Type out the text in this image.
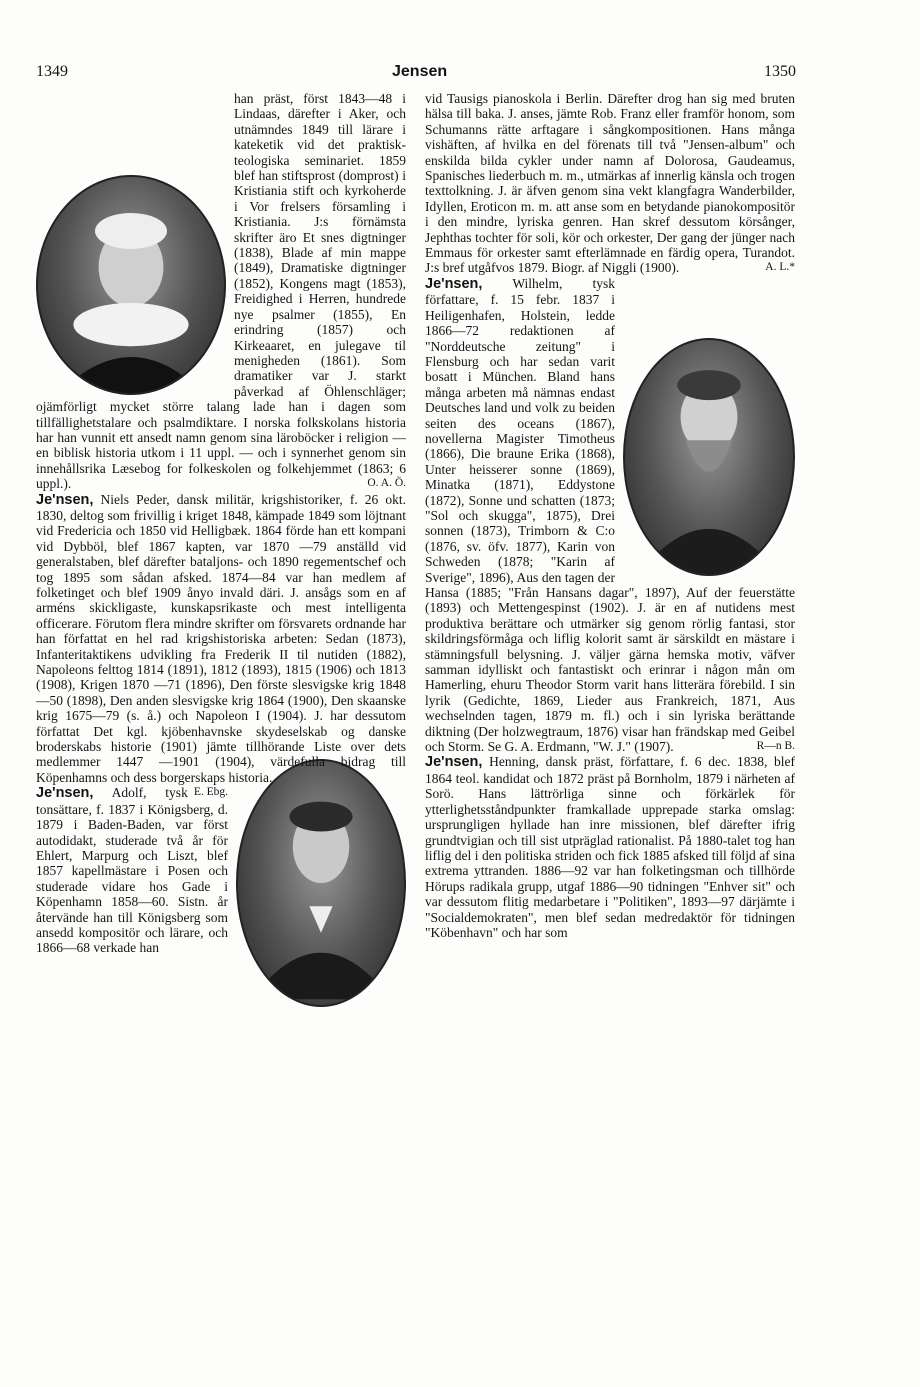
1349	Jensen	1350

han präst, först 1843—48 i Lindaas, därefter i Aker, och utnämndes 1849 till lärare i kateketik vid det praktisk-teologiska seminariet. 1859 blef han stiftsprost (domprost) i Kristiania stift och kyrkoherde i Vor frelsers församling i Kristiania. J:s förnämsta skrifter äro Et snes digtninger (1838), Blade af min mappe (1849), Dramatiske digtninger (1852), Kongens magt (1853), Freidighed i Herren, hundrede nye psalmer (1855), En erindring (1857) och Kirkeaaret, en julegave til menigheden (1861). Som dramatiker var J. starkt påverkad af Öhlenschläger; ojämförligt mycket större talang lade han i dagen som tillfällighetstalare och psalmdiktare. I norska folkskolans historia har han vunnit ett ansedt namn genom sina läroböcker i religion — en biblisk historia utkom i 11 uppl. — och i synnerhet genom sin innehållsrika Læsebog for folkeskolen og folkehjemmet (1863; 6 uppl.).	O. A. Ö.

Je'nsen, Niels Peder, dansk militär, krigshistoriker, f. 26 okt. 1830, deltog som frivillig i kriget 1848, kämpade 1849 som löjtnant vid Fredericia och 1850 vid Helligbæk. 1864 förde han ett kompani vid Dybböl, blef 1867 kapten, var 1870 —79 anställd vid generalstaben, blef därefter bataljons- och 1890 regementschef och tog 1895 som sådan afsked. 1874—84 var han medlem af folketinget och blef 1909 ånyo invald däri. J. ansågs som en af arméns skickligaste, kunskapsrikaste och mest intelligenta officerare. Förutom flera mindre skrifter om försvarets ordnande har han författat en hel rad krigshistoriska arbeten: Sedan (1873), Infanteritaktikens udvikling fra Frederik II til nutiden (1882), Napoleons felttog 1814 (1891), 1812 (1893), 1815 (1906) och 1813 (1908), Krigen 1870 —71 (1896), Den förste slesvigske krig 1848—50 (1898), Den anden slesvigske krig 1864 (1900), Den skaanske krig 1675—79 (s. å.) och Napoleon I (1904). J. har dessutom författat Det kgl. kjöbenhavnske skydeselskab og danske broderskabs historie (1901) jämte tillhörande Liste over dets medlemmer 1447 —1901 (1904), värdefulla bidrag till Köpenhamns och dess borgerskaps historia.

E. Ebg.

Je'nsen, Adolf, tysk tonsättare, f. 1837 i Königsberg, d. 1879 i Baden-Baden, var först autodidakt, studerade två år för Ehlert, Marpurg och Liszt, blef 1857 kapellmästare i Posen och studerade vidare hos Gade i Köpenhamn 1858—60. Sistn. år återvände han till Königsberg som ansedd kompositör och lärare, och 1866—68 verkade han

vid Tausigs pianoskola i Berlin. Därefter drog han sig med bruten hälsa till baka. J. anses, jämte Rob. Franz eller framför honom, som Schumanns rätte arftagare i sångkompositionen. Hans många vishäften, af hvilka en del förenats till två "Jensen-album" och enskilda bilda cykler under namn af Dolorosa, Gaudeamus, Spanisches liederbuch m. m., utmärkas af innerlig känsla och trogen texttolkning. J. är äfven genom sina vekt klangfagra Wanderbilder, Idyllen, Eroticon m. m. att anse som en betydande pianokompositör i den mindre, lyriska genren. Han skref dessutom körsånger, Jephthas tochter för soli, kör och orkester, Der gang der jünger nach Emmaus för orkester samt efterlämnade en färdig opera, Turandot. J:s bref utgåfvos 1879. Biogr. af Niggli (1900).	A. L.*

Je'nsen, Wilhelm, tysk författare, f. 15 febr. 1837 i Heiligenhafen, Holstein, ledde 1866—72 redaktionen af "Norddeutsche zeitung" i Flensburg och har sedan varit bosatt i München. Bland hans många arbeten må nämnas endast Deutsches land und volk zu beiden seiten des oceans (1867), novellerna Magister Timotheus (1866), Die braune Erika (1868), Unter heisserer sonne (1869), Minatka (1871), Eddystone (1872), Sonne und schatten (1873; "Sol och skugga", 1875), Drei sonnen (1873), Trimborn & C:o (1876, sv. öfv. 1877), Karin von Schweden (1878; "Karin af Sverige", 1896), Aus den tagen der Hansa (1885; "Från Hansans dagar", 1897), Auf der feuerstätte (1893) och Mettengespinst (1902). J. är en af nutidens mest produktiva berättare och utmärker sig genom rörlig fantasi, stor skildringsförmåga och liflig kolorit samt är särskildt en mästare i stämningsfull belysning. J. väljer gärna hemska motiv, väfver samman idylliskt och fantastiskt och erinrar i någon mån om Hamerling, ehuru Theodor Storm varit hans litterära förebild. I sin lyrik (Gedichte, 1869, Lieder aus Frankreich, 1871, Aus wechselnden tagen, 1879 m. fl.) och i sin lyriska berättande diktning (Der holzwegtraum, 1876) visar han frändskap med Geibel och Storm. Se G. A. Erdmann, "W. J." (1907).	R—n B.

Je'nsen, Henning, dansk präst, författare, f. 6 dec. 1838, blef 1864 teol. kandidat och 1872 präst på Bornholm, 1879 i närheten af Sorö. Hans lättrörliga sinne och förkärlek för ytterlighetsståndpunkter framkallade upprepade starka omslag: ursprungligen hyllade han inre missionen, blef därefter ifrig grundtvigian och till sist utpräglad rationalist. På 1880-talet tog han liflig del i den politiska striden och fick 1885 afsked till följd af sina extrema yttranden. 1886—92 var han folketingsman och tillhörde Hörups radikala grupp, utgaf 1886—90 tidningen "Enhver sit" och var dessutom flitig medarbetare i "Politiken", 1893—97 därjämte i "Socialdemokraten", men blef sedan medredaktör för tidningen "Köbenhavn" och har som
